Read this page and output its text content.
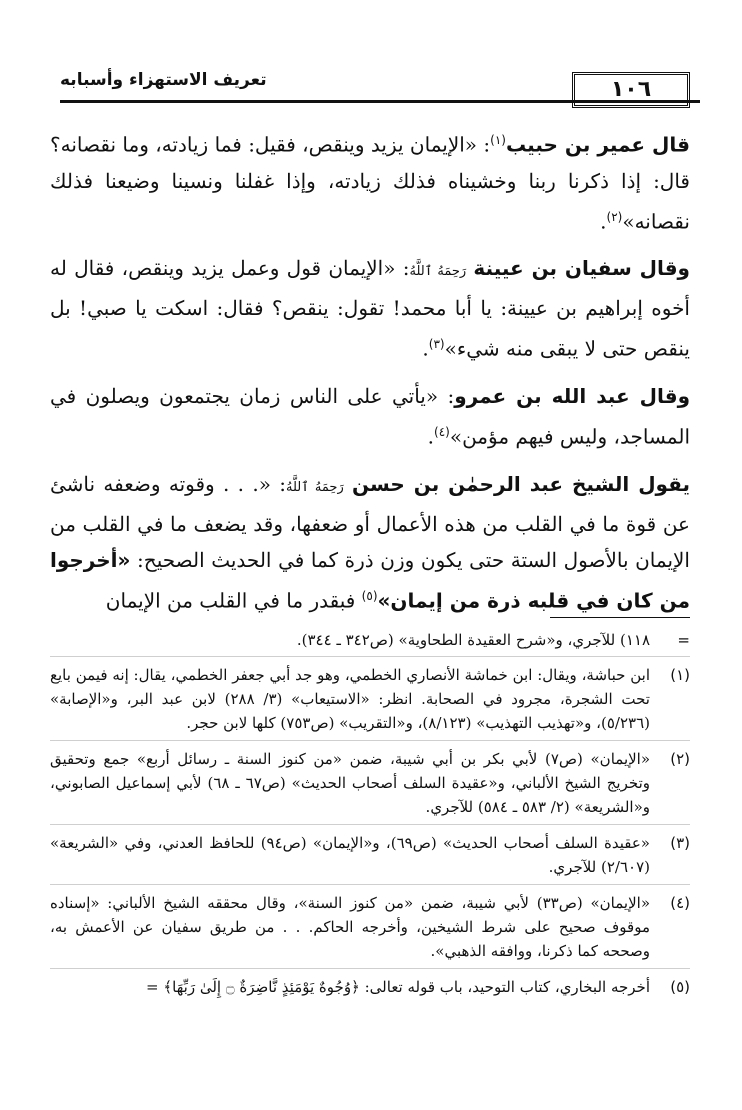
١٠٦
تعريف الاستهزاء وأسبابه

قال عمير بن حبيب$^{(١)}$: «الإيمان يزيد وينقص، فقيل: فما زيادته، وما نقصانه؟ قال: إذا ذكرنا ربنا وخشيناه فذلك زيادته، وإذا غفلنا ونسينا وضيعنا فذلك نقصانه»$^{(٢)}$.

وقال سفيان بن عيينة رَحِمَهُ ٱللَّهُ: «الإيمان قول وعمل يزيد وينقص، فقال له أخوه إبراهيم بن عيينة: يا أبا محمد! تقول: ينقص؟ فقال: اسكت يا صبي! بل ينقص حتى لا يبقى منه شيء»$^{(٣)}$.

وقال عبد الله بن عمرو: «يأتي على الناس زمان يجتمعون ويصلون في المساجد، وليس فيهم مؤمن»$^{(٤)}$.

يقول الشيخ عبد الرحمٰن بن حسن رَحِمَهُ ٱللَّهُ: «. . . وقوته وضعفه ناشئ عن قوة ما في القلب من هذه الأعمال أو ضعفها، وقد يضعف ما في القلب من الإيمان بالأصول الستة حتى يكون وزن ذرة كما في الحديث الصحيح: «أخرجوا من كان في قلبه ذرة من إيمان»$^{(٥)}$ فبقدر ما في القلب من الإيمان

=
١١٨) للآجري، و«شرح العقيدة الطحاوية» (ص٣٤٢ ـ ٣٤٤).
(١)
ابن حباشة، ويقال: ابن خماشة الأنصاري الخطمي، وهو جد أبي جعفر الخطمي، يقال: إنه فيمن بايع تحت الشجرة، مجرود في الصحابة. انظر: «الاستيعاب» (٣/ ٢٨٨) لابن عبد البر، و«الإصابة» (٥/٢٣٦)، و«تهذيب التهذيب» (٨/١٢٣)، و«التقريب» (ص٧٥٣) كلها لابن حجر.
(٢)
«الإيمان» (ص٧) لأبي بكر بن أبي شيبة، ضمن «من كنوز السنة ـ رسائل أربع» جمع وتحقيق وتخريج الشيخ الألباني، و«عقيدة السلف أصحاب الحديث» (ص٦٧ ـ ٦٨) لأبي إسماعيل الصابوني، و«الشريعة» (٢/ ٥٨٣ ـ ٥٨٤) للآجري.
(٣)
«عقيدة السلف أصحاب الحديث» (ص٦٩)، و«الإيمان» (ص٩٤) للحافظ العدني، وفي «الشريعة» (٢/٦٠٧) للآجري.
(٤)
«الإيمان» (ص٣٣) لأبي شيبة، ضمن «من كنوز السنة»، وقال محققه الشيخ الألباني: «إسناده موقوف صحيح على شرط الشيخين، وأخرجه الحاكم. . . من طريق سفيان عن الأعمش به، وصححه كما ذكرنا، ووافقه الذهبي».
(٥)
أخرجه البخاري، كتاب التوحيد، باب قوله تعالى: ﴿وُجُوهٌ يَوْمَئِذٍ نَّاضِرَةٌ ۝ إِلَىٰ رَبِّهَا﴾ =
